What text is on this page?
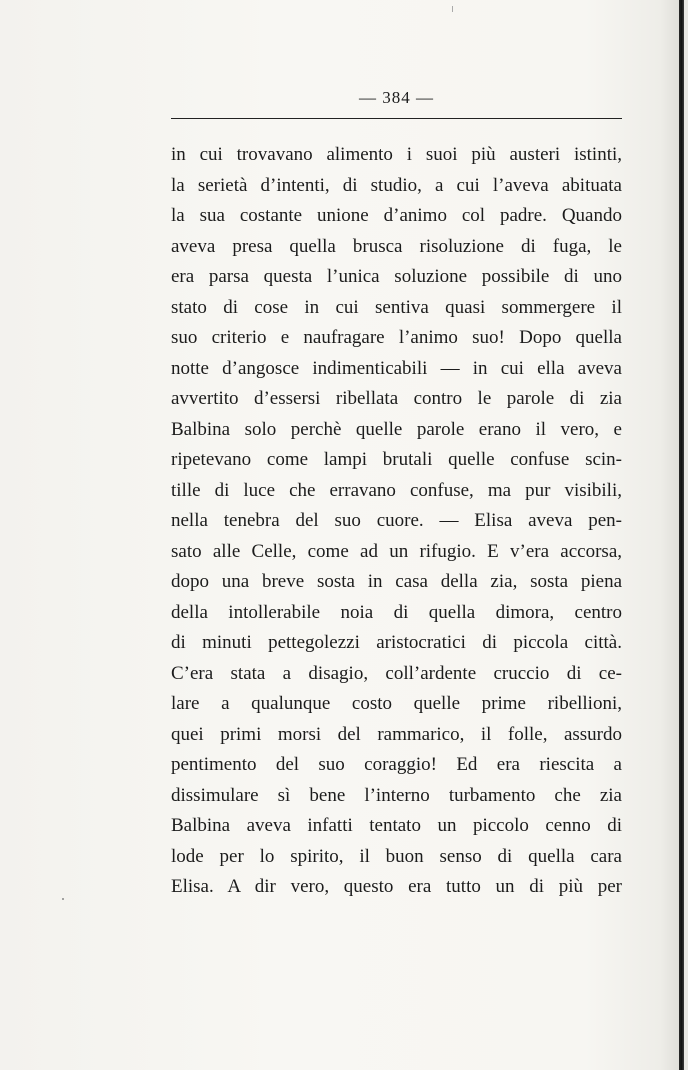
— 384 —
in cui trovavano alimento i suoi più austeri istinti,
la serietà d’intenti, di studio, a cui l’aveva abituata
la sua costante unione d’animo col padre. Quando
aveva presa quella brusca risoluzione di fuga, le
era parsa questa l’unica soluzione possibile di uno
stato di cose in cui sentiva quasi sommergere il
suo criterio e naufragare l’animo suo! Dopo quella
notte d’angosce indimenticabili — in cui ella aveva
avvertito d’essersi ribellata contro le parole di zia
Balbina solo perchè quelle parole erano il vero, e
ripetevano come lampi brutali quelle confuse scin-
tille di luce che erravano confuse, ma pur visibili,
nella tenebra del suo cuore. — Elisa aveva pen-
sato alle Celle, come ad un rifugio. E v’era accorsa,
dopo una breve sosta in casa della zia, sosta piena
della intollerabile noia di quella dimora, centro
di minuti pettegolezzi aristocratici di piccola città.
C’era stata a disagio, coll’ardente cruccio di ce-
lare a qualunque costo quelle prime ribellioni,
quei primi morsi del rammarico, il folle, assurdo
pentimento del suo coraggio! Ed era riescita a
dissimulare sì bene l’interno turbamento che zia
Balbina aveva infatti tentato un piccolo cenno di
lode per lo spirito, il buon senso di quella cara
Elisa. A dir vero, questo era tutto un di più per
